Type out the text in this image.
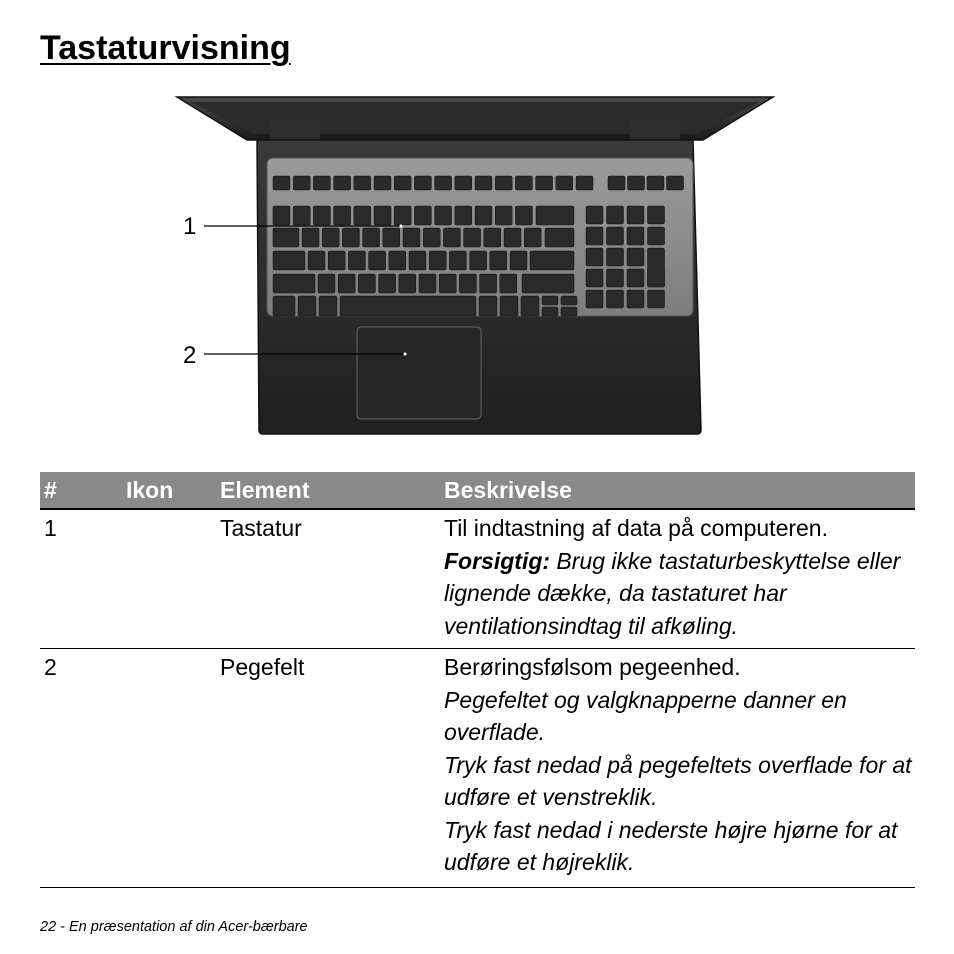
Tastaturvisning
1
2
#	Ikon	Element	Beskrivelse
1		Tastatur	Til indtastning af data på computeren.
Forsigtig: Brug ikke tastaturbeskyttelse eller lignende dække, da tastaturet har ventilationsindtag til afkøling.

2		Pegefelt	Berøringsfølsom pegeenhed.
Pegefeltet og valgknapperne danner en overflade.
Tryk fast nedad på pegefeltets overflade for at udføre et venstreklik.
Tryk fast nedad i nederste højre hjørne for at udføre et højreklik.
22 - En præsentation af din Acer-bærbare
